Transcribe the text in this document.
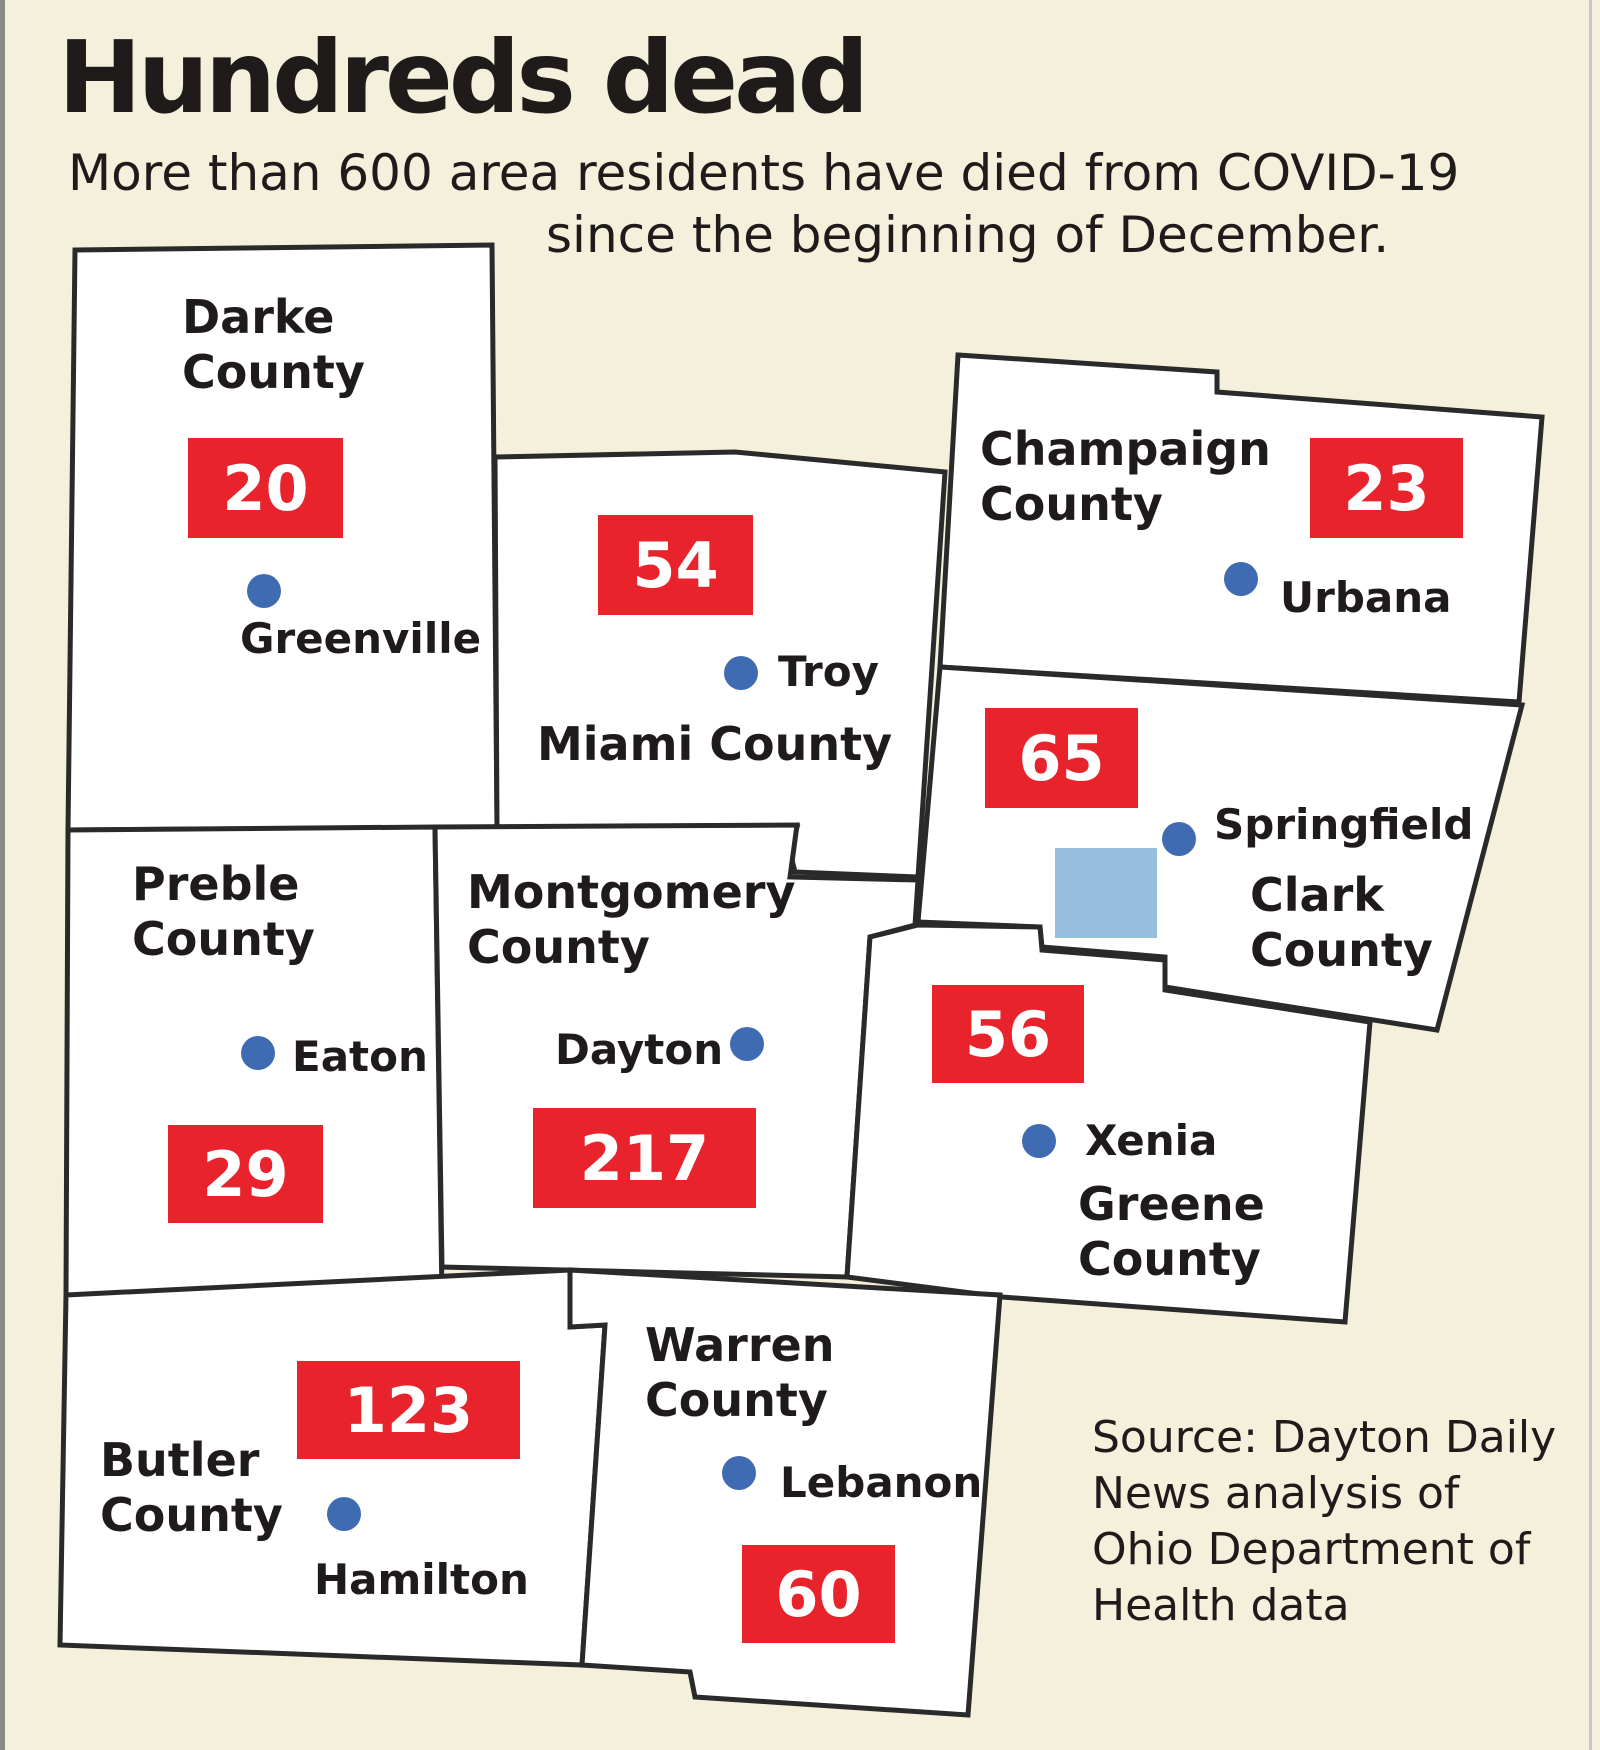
Hundreds dead
More than 600 area residents have died from COVID-19
since the beginning of December.
Darke
County
20
Greenville
54
Troy
Miami County
Champaign
County	23
Urbana
65
Springfield
Clark
County
Preble
County
Eaton
29
Montgomery
County
Dayton
217
56
Xenia
Greene
County
123
Butler
County
Hamilton
Warren
County
Lebanon
60
Source: Dayton Daily News analysis of Ohio Department of Health data
